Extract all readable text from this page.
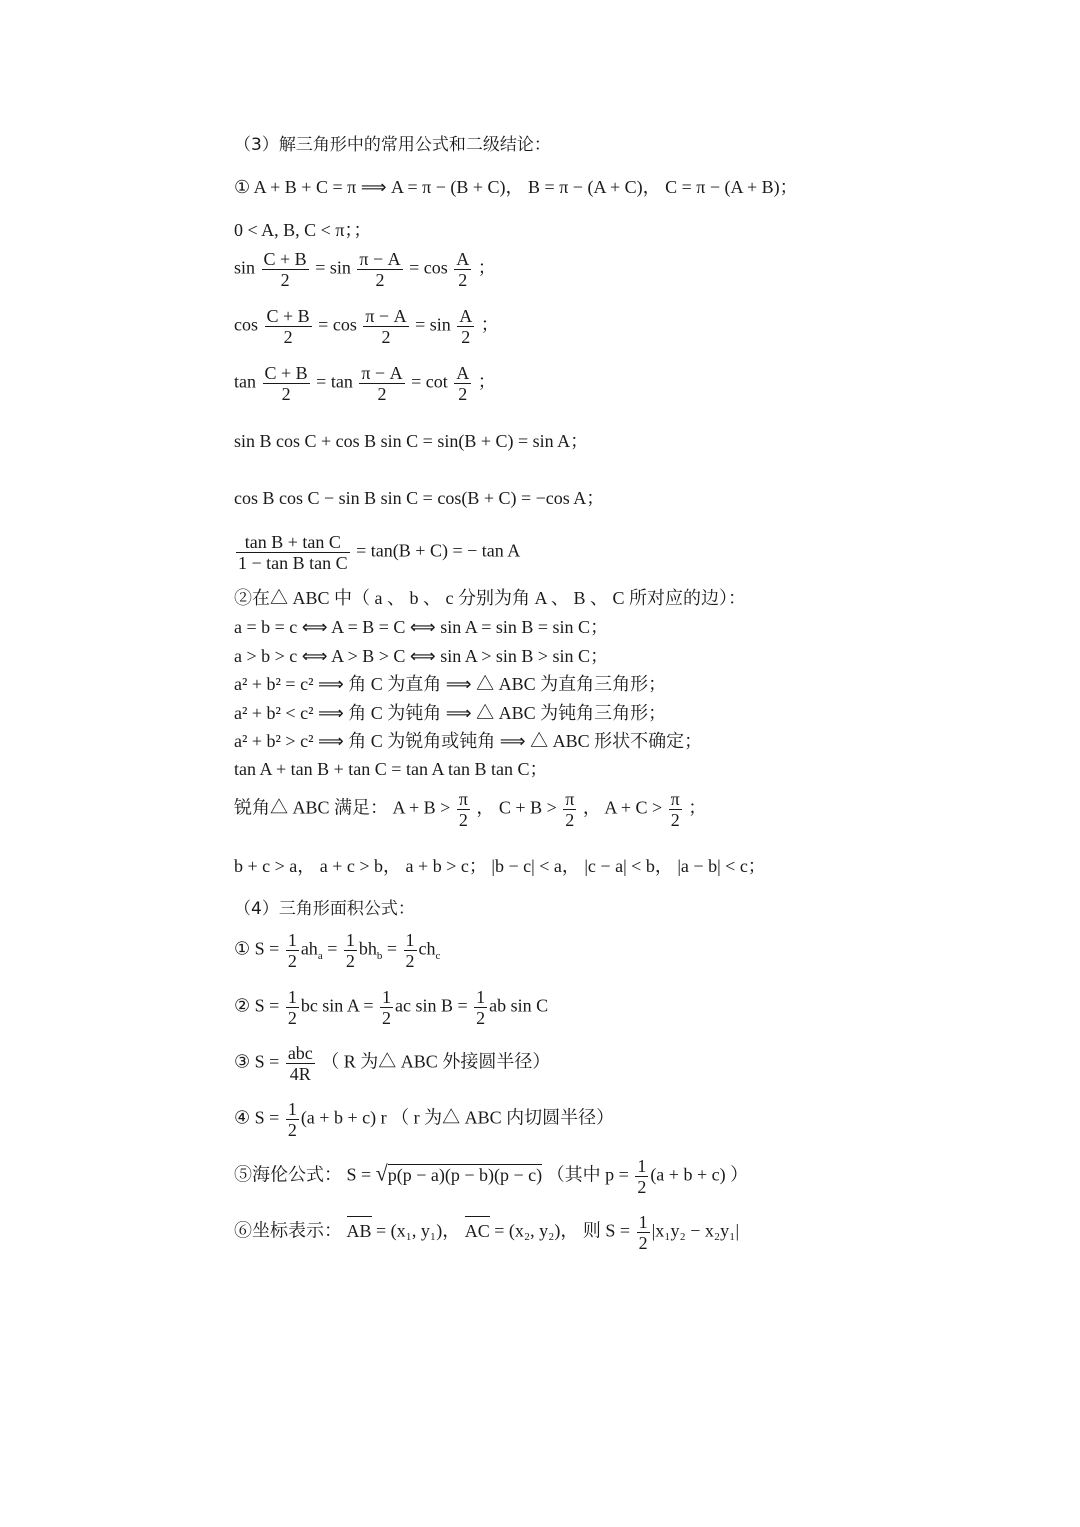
（3）解三角形中的常用公式和二级结论：
① A + B + C = π ⟹ A = π − (B + C)， B = π − (A + C)， C = π − (A + B)；
0 < A, B, C < π；；
$\sin \frac{C + B}{2} = \sin \frac{\pi - A}{2} = \cos \frac{A}{2}$ ；
$\cos \frac{C + B}{2} = \cos \frac{\pi - A}{2} = \sin \frac{A}{2}$ ；
$\tan \frac{C + B}{2} = \tan \frac{\pi - A}{2} = \cot \frac{A}{2}$ ；
sin B cos C + cos B sin C = sin(B + C) = sin A；
cos B cos C − sin B sin C = cos(B + C) = −cos A；
$\frac{\text{tan B + tan C}}{\text{1 − tan B tan C}} = \tan(B + C)$ = − tan A
②在△ ABC 中（ a 、 b 、 c 分别为角 A 、 B 、 C 所对应的边）：
a = b = c ⟺ A = B = C ⟺ sin A = sin B = sin C；
a > b > c ⟺ A > B > C ⟺ sin A > sin B > sin C；
a² + b² = c² ⟹ 角 C 为直角 ⟹ △ ABC 为直角三角形；
a² + b² < c² ⟹ 角 C 为钝角 ⟹ △ ABC 为钝角三角形；
a² + b² > c² ⟹ 角 C 为锐角或钝角 ⟹ △ ABC 形状不确定；
tan A + tan B + tan C = tan A tan B tan C；
锐角△ ABC 满足： $A + B > \frac{\pi}{2}$ ， $C + B > \frac{\pi}{2}$ ， $A + C > \frac{\pi}{2}$ ；
b + c > a， a + c > b， a + b > c； |b − c| < a， |c − a| < b， |a − b| < c；
（4）三角形面积公式：
① $S = \frac{1}{2} ah_a = \frac{1}{2} bh_b = \frac{1}{2} ch_c$
② $S = \frac{1}{2}$ bc $\sin A = \frac{1}{2}$ ac $\sin B = \frac{1}{2}$ ab sin C
③ $S = \frac{\text{abc}}{4R}$ （ R 为△ ABC 外接圆半径）
④ $S = \frac{1}{2} (a + b + c)$ r （ r 为△ ABC 内切圆半径）
⑤海伦公式： S = √p(p − a)(p − b)(p − c) （其中 $p = \frac{1}{2} (a + b + c)$ ）
⑥坐标表示： AB = (x₁, y₁)， AC = (x₂, y₂)， 则 $S = \frac{1}{2} |x_1y_2 - x_2y_1|$
